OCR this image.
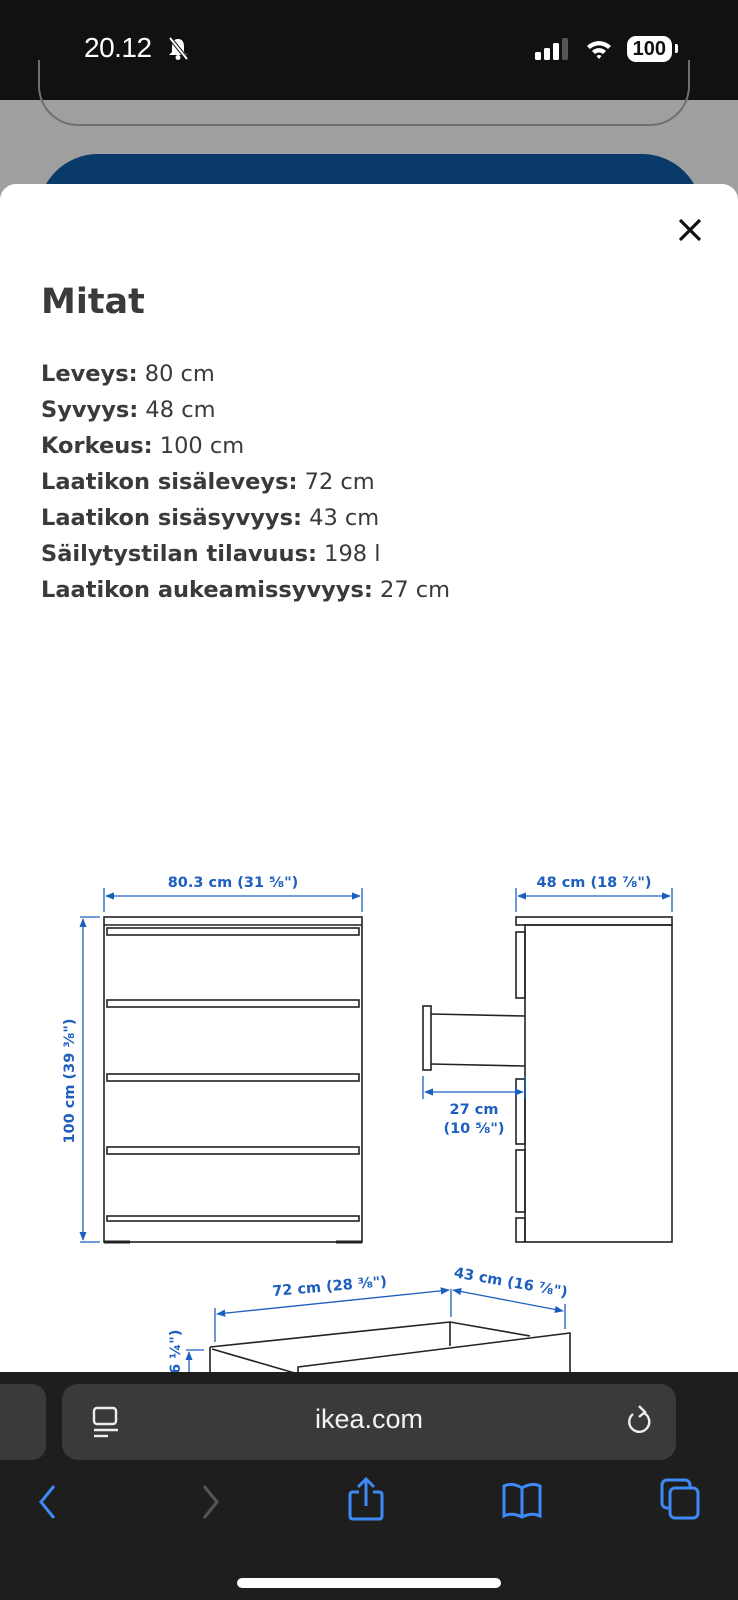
20.12	100
Mitat
Leveys: 80 cm
Syvyys: 48 cm
Korkeus: 100 cm
Laatikon sisäleveys: 72 cm
Laatikon sisäsyvyys: 43 cm
Säilytystilan tilavuus: 198 l
Laatikon aukeamissyvyys: 27 cm
80.3 cm (31 ⅝")
100 cm (39 ⅜")
48 cm (18 ⅞")
27 cm
(10 ⅝")
72 cm (28 ⅜")	43 cm (16 ⅞")
ikea.com
